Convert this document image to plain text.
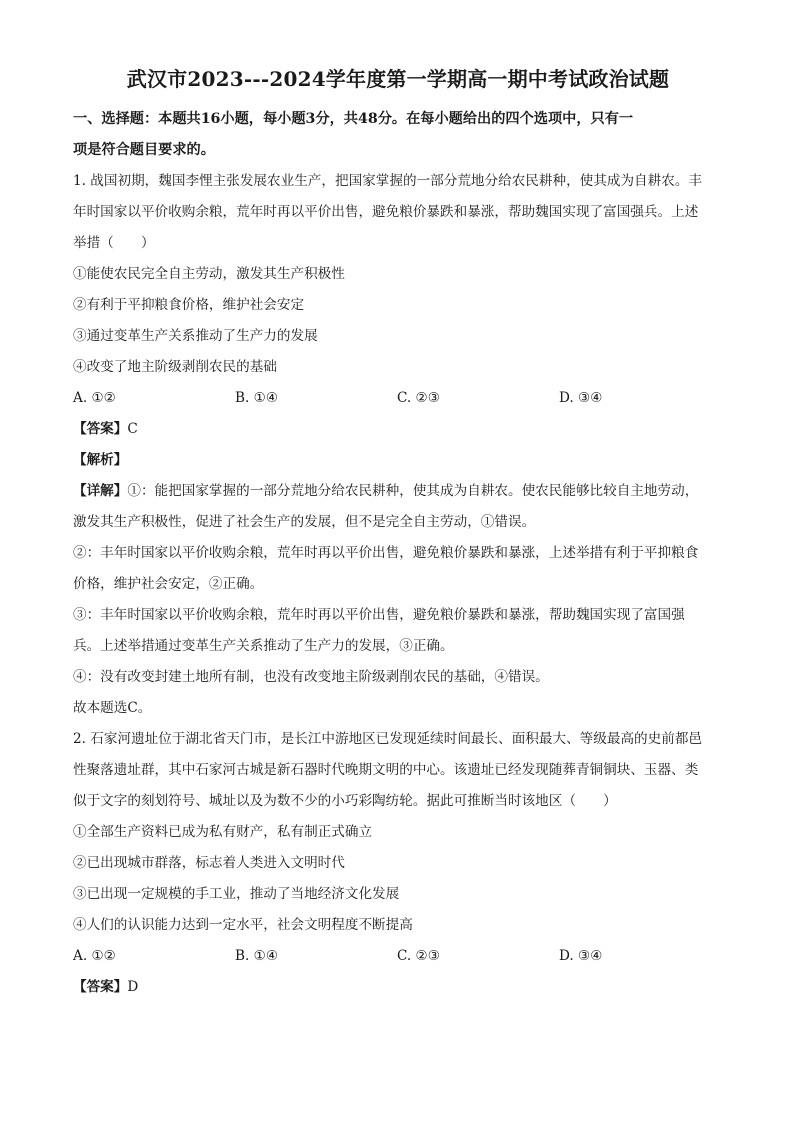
武汉市2023---2024学年度第一学期高一期中考试政治试题

一、选择题：本题共16小题，每小题3分，共48分。在每小题给出的四个选项中，只有一

项是符合题目要求的。

1. 战国初期，魏国李悝主张发展农业生产，把国家掌握的一部分荒地分给农民耕种，使其成为自耕农。丰

年时国家以平价收购余粮，荒年时再以平价出售，避免粮价暴跌和暴涨，帮助魏国实现了富国强兵。上述

举措（　　）

①能使农民完全自主劳动，激发其生产积极性

②有利于平抑粮食价格，维护社会安定

③通过变革生产关系推动了生产力的发展

④改变了地主阶级剥削农民的基础

A. ①②	B. ①④	C. ②③	D. ③④

【答案】C

【解析】

【详解】①：能把国家掌握的一部分荒地分给农民耕种，使其成为自耕农。使农民能够比较自主地劳动，

激发其生产积极性，促进了社会生产的发展，但不是完全自主劳动，①错误。

②：丰年时国家以平价收购余粮，荒年时再以平价出售，避免粮价暴跌和暴涨，上述举措有利于平抑粮食

价格，维护社会安定，②正确。

③：丰年时国家以平价收购余粮，荒年时再以平价出售，避免粮价暴跌和暴涨，帮助魏国实现了富国强

兵。上述举措通过变革生产关系推动了生产力的发展，③正确。

④：没有改变封建土地所有制，也没有改变地主阶级剥削农民的基础，④错误。

故本题选C。

2. 石家河遗址位于湖北省天门市，是长江中游地区已发现延续时间最长、面积最大、等级最高的史前都邑

性聚落遗址群，其中石家河古城是新石器时代晚期文明的中心。该遗址已经发现随葬青铜铜块、玉器、类

似于文字的刻划符号、城址以及为数不少的小巧彩陶纺轮。据此可推断当时该地区（　　）

①全部生产资料已成为私有财产，私有制正式确立

②已出现城市群落，标志着人类进入文明时代

③已出现一定规模的手工业，推动了当地经济文化发展

④人们的认识能力达到一定水平，社会文明程度不断提高

A. ①②	B. ①④	C. ②③	D. ③④

【答案】D
